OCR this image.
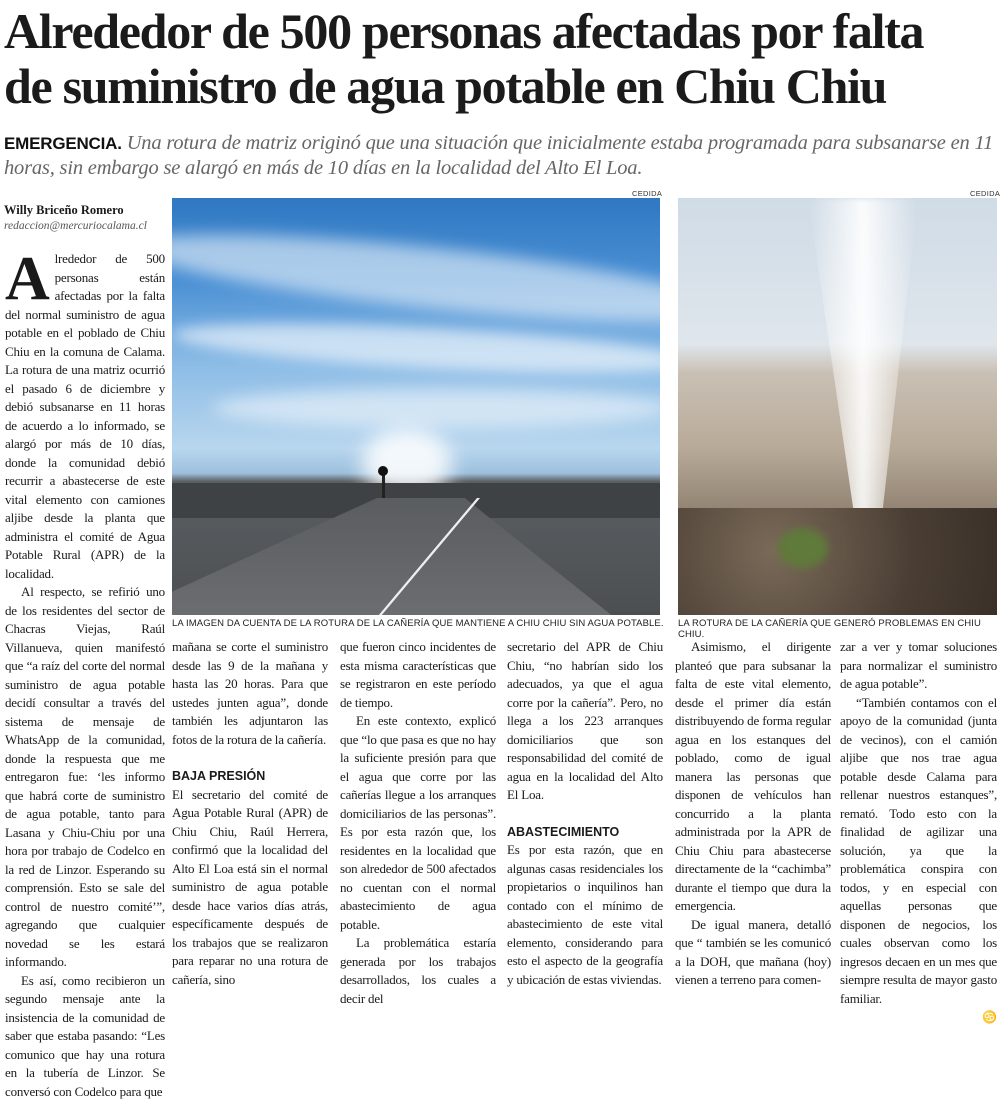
Alrededor de 500 personas afectadas por falta
de suministro de agua potable en Chiu Chiu
EMERGENCIA. Una rotura de matriz originó que una situación que inicialmente estaba programada para subsanarse en 11 horas, sin embargo se alargó en más de 10 días en la localidad del Alto El Loa.
Willy Briceño Romero
redaccion@mercuriocalama.cl

Alrededor de 500 personas están afectadas por la falta del normal suministro de agua potable en el poblado de Chiu Chiu en la comuna de Calama. La rotura de una matriz ocurrió el pasado 6 de diciembre y debió subsanarse en 11 horas de acuerdo a lo informado, se alargó por más de 10 días, donde la comunidad debió recurrir a abastecerse de este vital elemento con camiones aljibe desde la planta que administra el comité de Agua Potable Rural (APR) de la localidad.

Al respecto, se refirió uno de los residentes del sector de Chacras Viejas, Raúl Villanueva, quien manifestó que “a raíz del corte del normal suministro de agua potable decidí consultar a través del sistema de mensaje de WhatsApp de la comunidad, donde la respuesta que me entregaron fue: ‘les informo que habrá corte de suministro de agua potable, tanto para Lasana y Chiu-Chiu por una hora por trabajo de Codelco en la red de Linzor. Esperando su comprensión. Esto se sale del control de nuestro comité’”, agregando que cualquier novedad se les estará informando.

Es así, como recibieron un segundo mensaje ante la insistencia de la comunidad de saber que estaba pasando: “Les comunico que hay una rotura en la tubería de Linzor. Se conversó con Codelco para que

CEDIDA
LA IMAGEN DA CUENTA DE LA ROTURA DE LA CAÑERÍA QUE MANTIENE A CHIU CHIU SIN AGUA POTABLE.
CEDIDA
LA ROTURA DE LA CAÑERÍA QUE GENERÓ PROBLEMAS EN CHIU CHIU.

mañana se corte el suministro desde las 9 de la mañana y hasta las 20 horas. Para que ustedes junten agua”, donde también les adjuntaron las fotos de la rotura de la cañería.

BAJA PRESIÓN

El secretario del comité de Agua Potable Rural (APR) de Chiu Chiu, Raúl Herrera, confirmó que la localidad del Alto El Loa está sin el normal suministro de agua potable desde hace varios días atrás, específicamente después de los trabajos que se realizaron para reparar no una rotura de cañería, sino

que fueron cinco incidentes de esta misma características que se registraron en este período de tiempo.

En este contexto, explicó que “lo que pasa es que no hay la suficiente presión para que el agua que corre por las cañerías llegue a los arranques domiciliarios de las personas”. Es por esta razón que, los residentes en la localidad que son alrededor de 500 afectados no cuentan con el normal abastecimiento de agua potable.

La problemática estaría generada por los trabajos desarrollados, los cuales a decir del

secretario del APR de Chiu Chiu, “no habrían sido los adecuados, ya que el agua corre por la cañería”. Pero, no llega a los 223 arranques domiciliarios que son responsabilidad del comité de agua en la localidad del Alto El Loa.

ABASTECIMIENTO

Es por esta razón, que en algunas casas residenciales los propietarios o inquilinos han contado con el mínimo de abastecimiento de este vital elemento, considerando para esto el aspecto de la geografía y ubicación de estas viviendas.

Asimismo, el dirigente planteó que para subsanar la falta de este vital elemento, desde el primer día están distribuyendo de forma regular agua en los estanques del poblado, como de igual manera las personas que disponen de vehículos han concurrido a la planta administrada por la APR de Chiu Chiu para abastecerse directamente de la “cachimba” durante el tiempo que dura la emergencia.

De igual manera, detalló que “ también se les comunicó a la DOH, que mañana (hoy) vienen a terreno para comen-

zar a ver y tomar soluciones para normalizar el suministro de agua potable”.

“También contamos con el apoyo de la comunidad (junta de vecinos), con el camión aljibe que nos trae agua potable desde Calama para rellenar nuestros estanques”, remató. Todo esto con la finalidad de agilizar una solución, ya que la problemática conspira con todos, y en especial con aquellas personas que disponen de negocios, los cuales observan como los ingresos decaen en un mes que siempre resulta de mayor gasto familiar.

♋
